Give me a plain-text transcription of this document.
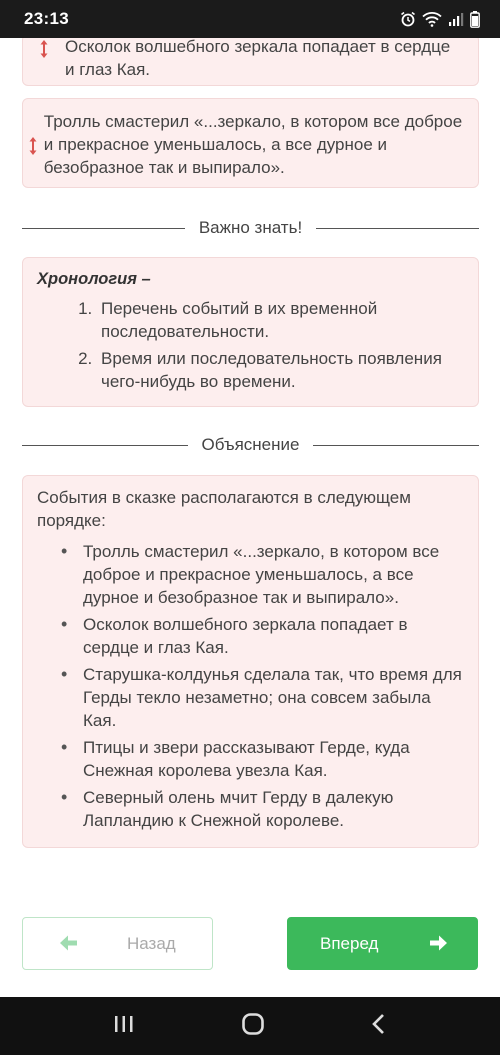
23:13
Осколок волшебного зеркала попадает в сердце и глаз Кая.
Тролль смастерил «...зеркало, в котором все доброе и прекрасное уменьшалось, а все дурное и безобразное так и выпирало».
Важно знать!
Хронология –
1. Перечень событий в их временной последовательности.
2. Время или последовательность появления чего-нибудь во времени.
Объяснение
События в сказке располагаются в следующем порядке:
• Тролль смастерил «...зеркало, в котором все доброе и прекрасное уменьшалось, а все дурное и безобразное так и выпирало».
• Осколок волшебного зеркала попадает в сердце и глаз Кая.
• Старушка-колдунья сделала так, что время для Герды текло незаметно; она совсем забыла Кая.
• Птицы и звери рассказывают Герде, куда Снежная королева увезла Кая.
• Северный олень мчит Герду в далекую Лапландию к Снежной королеве.
Назад	Вперед
